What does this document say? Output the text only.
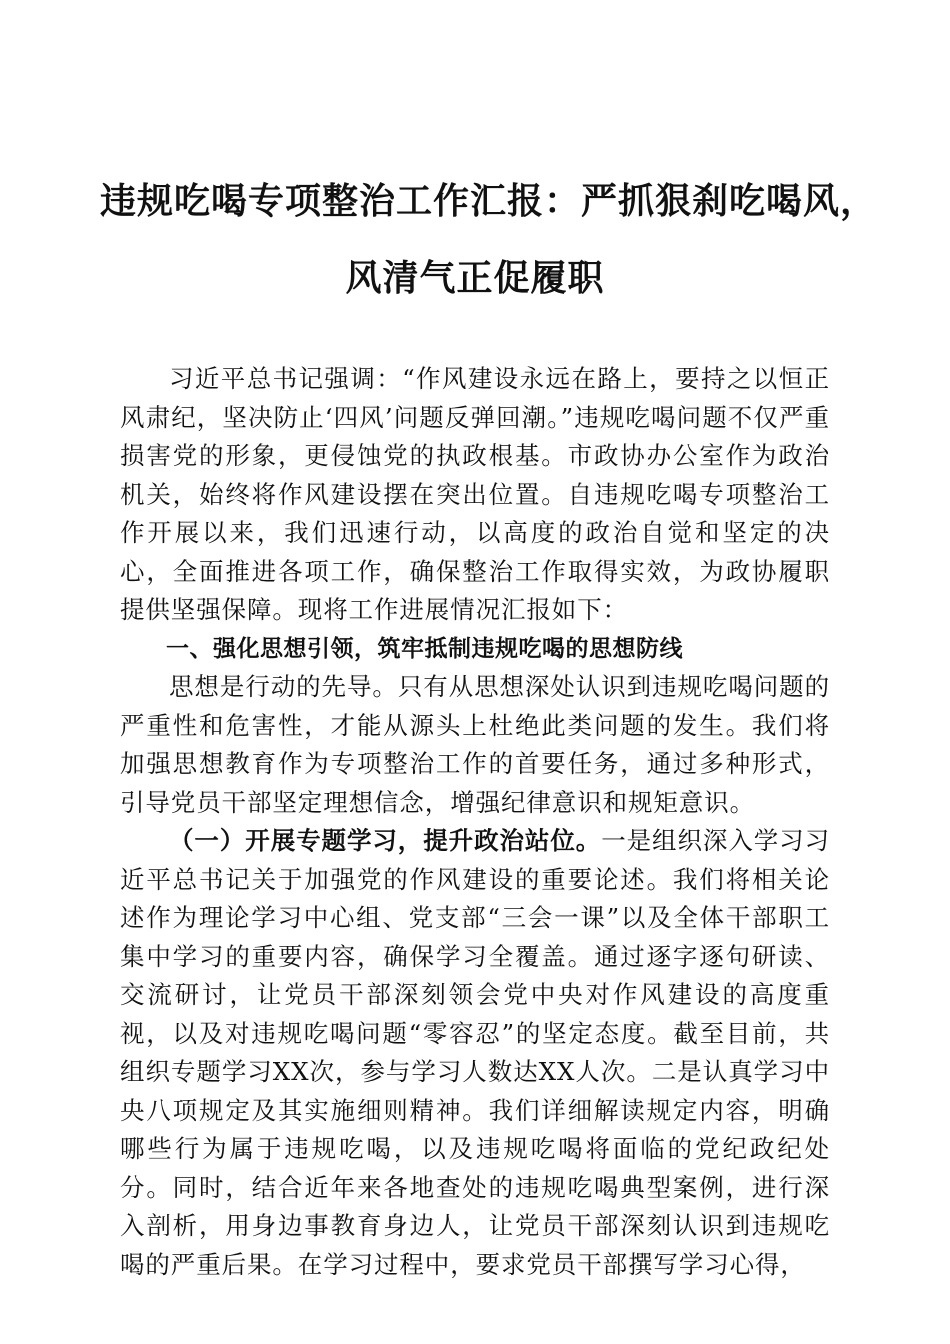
违规吃喝专项整治工作汇报：严抓狠刹吃喝风，
风清气正促履职

习近平总书记强调：“作风建设永远在路上，要持之以恒正风肃纪，坚决防止‘四风’问题反弹回潮。”违规吃喝问题不仅严重损害党的形象，更侵蚀党的执政根基。市政协办公室作为政治机关，始终将作风建设摆在突出位置。自违规吃喝专项整治工作开展以来，我们迅速行动，以高度的政治自觉和坚定的决心，全面推进各项工作，确保整治工作取得实效，为政协履职提供坚强保障。现将工作进展情况汇报如下：

一、强化思想引领，筑牢抵制违规吃喝的思想防线

思想是行动的先导。只有从思想深处认识到违规吃喝问题的严重性和危害性，才能从源头上杜绝此类问题的发生。我们将加强思想教育作为专项整治工作的首要任务，通过多种形式，引导党员干部坚定理想信念，增强纪律意识和规矩意识。

（一）开展专题学习，提升政治站位。一是组织深入学习习近平总书记关于加强党的作风建设的重要论述。我们将相关论述作为理论学习中心组、党支部“三会一课”以及全体干部职工集中学习的重要内容，确保学习全覆盖。通过逐字逐句研读、交流研讨，让党员干部深刻领会党中央对作风建设的高度重视，以及对违规吃喝问题“零容忍”的坚定态度。截至目前，共组织专题学习XX次，参与学习人数达XX人次。二是认真学习中央八项规定及其实施细则精神。我们详细解读规定内容，明确哪些行为属于违规吃喝，以及违规吃喝将面临的党纪政纪处分。同时，结合近年来各地查处的违规吃喝典型案例，进行深入剖析，用身边事教育身边人，让党员干部深刻认识到违规吃喝的严重后果。在学习过程中，要求党员干部撰写学习心得，
